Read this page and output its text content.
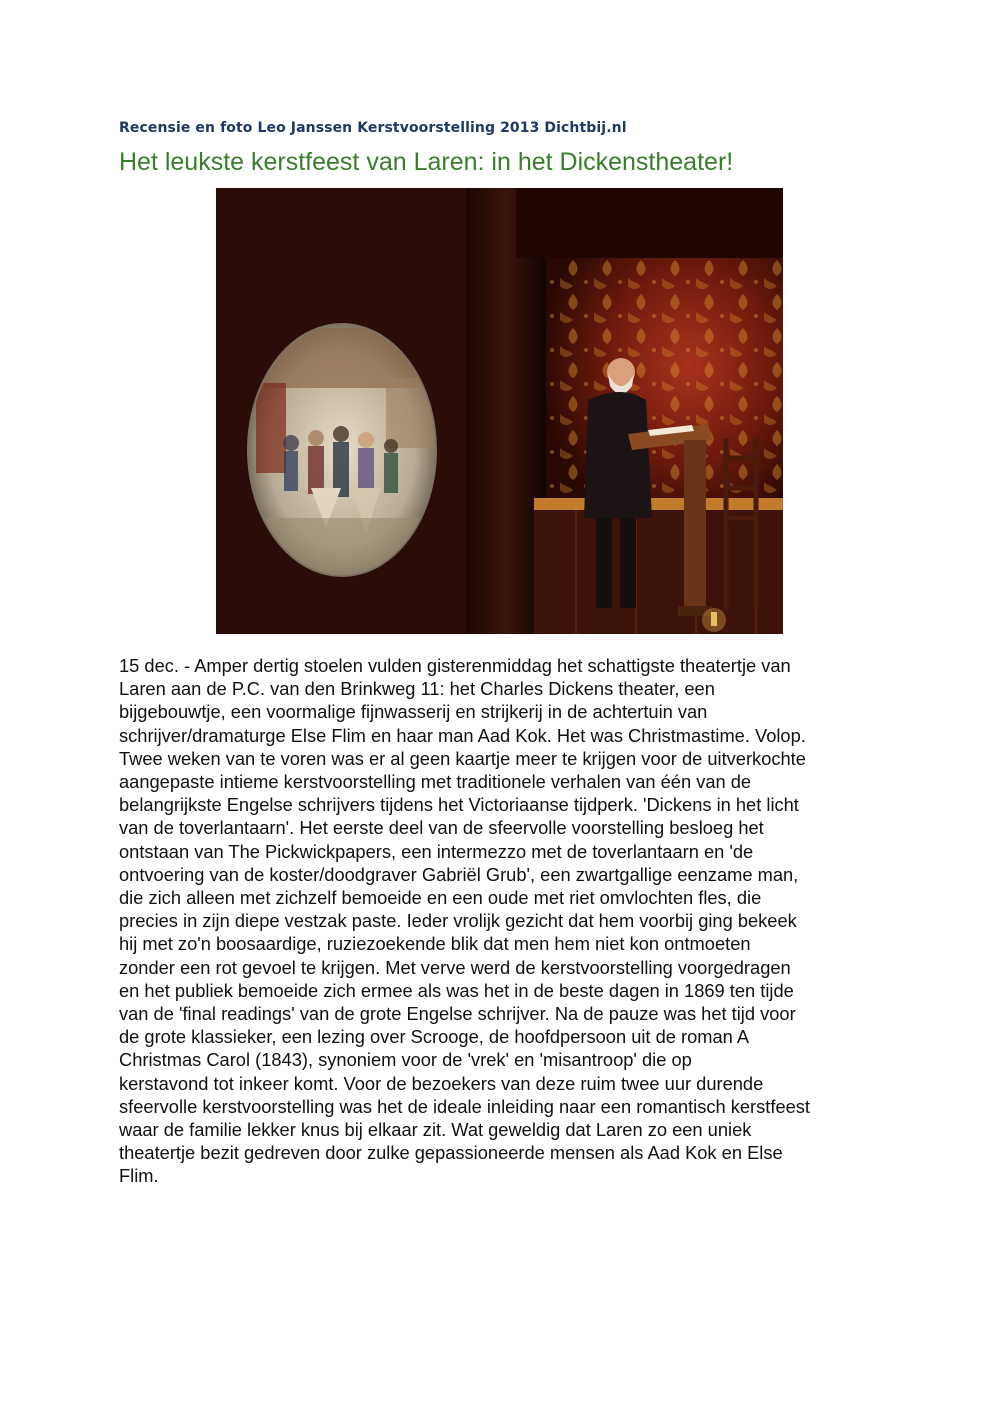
Recensie en foto Leo Janssen Kerstvoorstelling 2013 Dichtbij.nl
Het leukste kerstfeest van Laren: in het Dickenstheater!
15 dec. - Amper dertig stoelen vulden gisterenmiddag het schattigste theatertje van
Laren aan de P.C. van den Brinkweg 11: het Charles Dickens theater, een
bijgebouwtje, een voormalige fijnwasserij en strijkerij in de achtertuin van
schrijver/dramaturge Else Flim en haar man Aad Kok. Het was Christmastime. Volop.
Twee weken van te voren was er al geen kaartje meer te krijgen voor de uitverkochte
aangepaste intieme kerstvoorstelling met traditionele verhalen van één van de
belangrijkste Engelse schrijvers tijdens het Victoriaanse tijdperk. 'Dickens in het licht
van de toverlantaarn'. Het eerste deel van de sfeervolle voorstelling besloeg het
ontstaan van The Pickwickpapers, een intermezzo met de toverlantaarn en 'de
ontvoering van de koster/doodgraver Gabriël Grub', een zwartgallige eenzame man,
die zich alleen met zichzelf bemoeide en een oude met riet omvlochten fles, die
precies in zijn diepe vestzak paste. Ieder vrolijk gezicht dat hem voorbij ging bekeek
hij met zo'n boosaardige, ruziezoekende blik dat men hem niet kon ontmoeten
zonder een rot gevoel te krijgen. Met verve werd de kerstvoorstelling voorgedragen
en het publiek bemoeide zich ermee als was het in de beste dagen in 1869 ten tijde
van de 'final readings' van de grote Engelse schrijver. Na de pauze was het tijd voor
de grote klassieker, een lezing over Scrooge, de hoofdpersoon uit de roman A
Christmas Carol (1843), synoniem voor de 'vrek' en 'misantroop' die op
kerstavond tot inkeer komt. Voor de bezoekers van deze ruim twee uur durende
sfeervolle kerstvoorstelling was het de ideale inleiding naar een romantisch kerstfeest
waar de familie lekker knus bij elkaar zit. Wat geweldig dat Laren zo een uniek
theatertje bezit gedreven door zulke gepassioneerde mensen als Aad Kok en Else
Flim.
